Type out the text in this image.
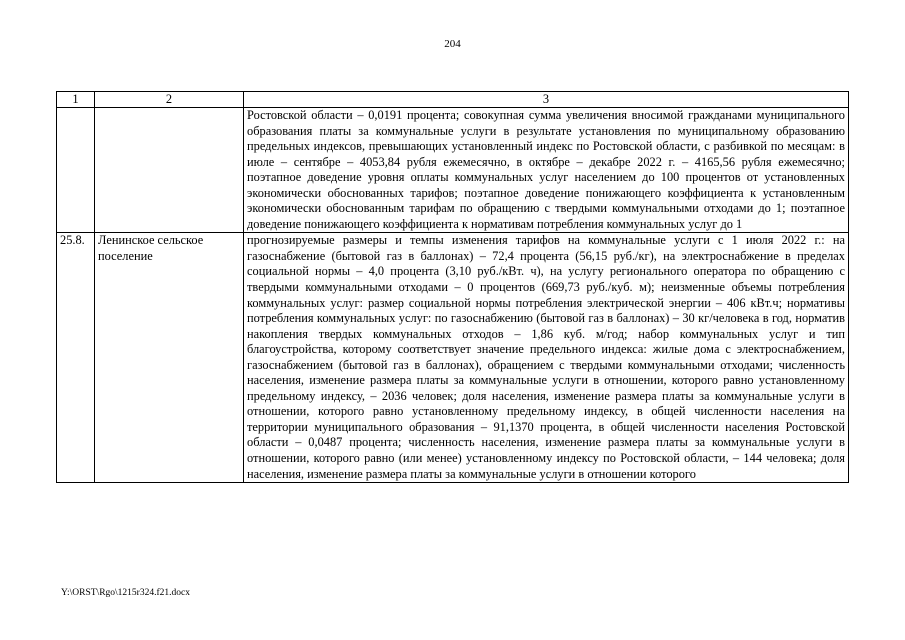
204
1	2	3
		Ростовской области – 0,0191 процента; совокупная сумма увеличения вносимой гражданами муниципального образования платы за коммунальные услуги в результате установления по муниципальному образованию предельных индексов, превышающих установленный индекс по Ростовской области, с разбивкой по месяцам: в июле – сентябре – 4053,84 рубля ежемесячно, в октябре – декабре 2022 г. – 4165,56 рубля ежемесячно; поэтапное доведение уровня оплаты коммунальных услуг населением до 100 процентов от установленных экономически обоснованных тарифов; поэтапное доведение понижающего коэффициента к установленным экономически обоснованным тарифам по обращению с твердыми коммунальными отходами до 1; поэтапное доведение понижающего коэффициента к нормативам потребления коммунальных услуг до 1
25.8.	Ленинское сельское поселение	прогнозируемые размеры и темпы изменения тарифов на коммунальные услуги с 1 июля 2022 г.: на газоснабжение (бытовой газ в баллонах) – 72,4 процента (56,15 руб./кг), на электроснабжение в пределах социальной нормы – 4,0 процента (3,10 руб./кВт. ч), на услугу регионального оператора по обращению с твердыми коммунальными отходами – 0 процентов (669,73 руб./куб. м); неизменные объемы потребления коммунальных услуг: размер социальной нормы потребления электрической энергии – 406 кВт.ч; нормативы потребления коммунальных услуг: по газоснабжению (бытовой газ в баллонах) – 30 кг/человека в год, норматив накопления твердых коммунальных отходов – 1,86 куб. м/год; набор коммунальных услуг и тип благоустройства, которому соответствует значение предельного индекса: жилые дома с электроснабжением, газоснабжением (бытовой газ в баллонах), обращением с твердыми коммунальными отходами; численность населения, изменение размера платы за коммунальные услуги в отношении, которого равно установленному предельному индексу, – 2036 человек; доля населения, изменение размера платы за коммунальные услуги в отношении, которого равно установленному предельному индексу, в общей численности населения на территории муниципального образования – 91,1370 процента, в общей численности населения Ростовской области – 0,0487 процента; численность населения, изменение размера платы за коммунальные услуги в отношении, которого равно (или менее) установленному индексу по Ростовской области, – 144 человека; доля населения, изменение размера платы за коммунальные услуги в отношении которого
Y:\ORST\Rgo\1215r324.f21.docx
